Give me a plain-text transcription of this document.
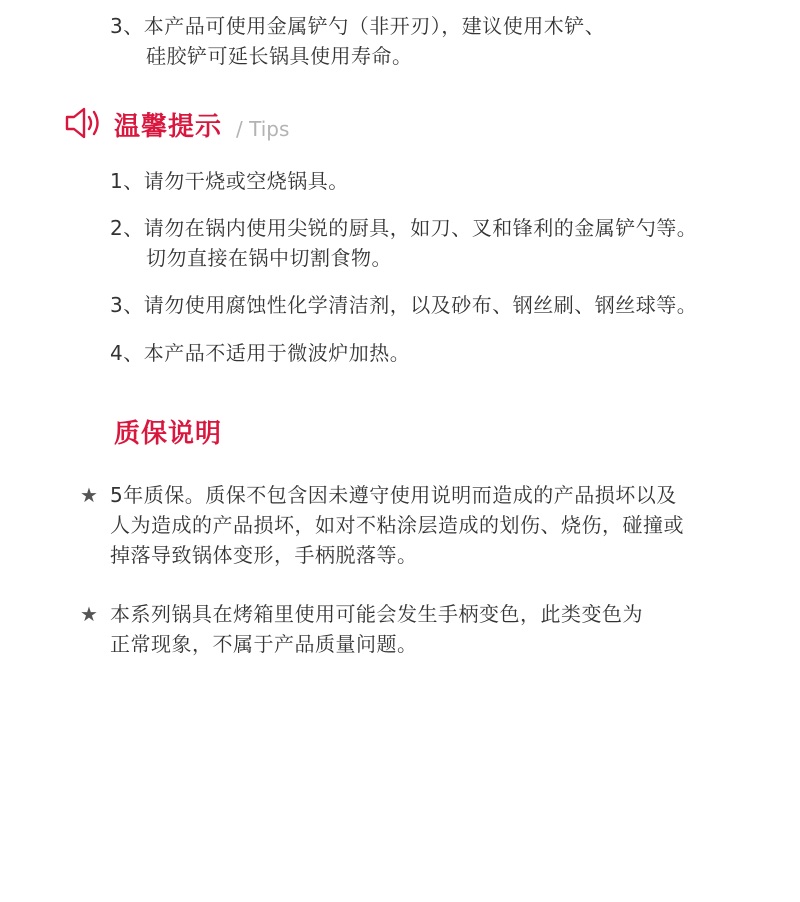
3、本产品可使用金属铲勺（非开刃），建议使用木铲、
硅胶铲可延长锅具使用寿命。
温馨提示 / Tips
1、请勿干烧或空烧锅具。
2、请勿在锅内使用尖锐的厨具，如刀、叉和锋利的金属铲勺等。
切勿直接在锅中切割食物。
3、请勿使用腐蚀性化学清洁剂，以及砂布、钢丝刷、钢丝球等。
4、本产品不适用于微波炉加热。
质保说明
★ 5年质保。质保不包含因未遵守使用说明而造成的产品损坏以及
人为造成的产品损坏，如对不粘涂层造成的划伤、烧伤，碰撞或
掉落导致锅体变形，手柄脱落等。
★ 本系列锅具在烤箱里使用可能会发生手柄变色，此类变色为
正常现象，不属于产品质量问题。
